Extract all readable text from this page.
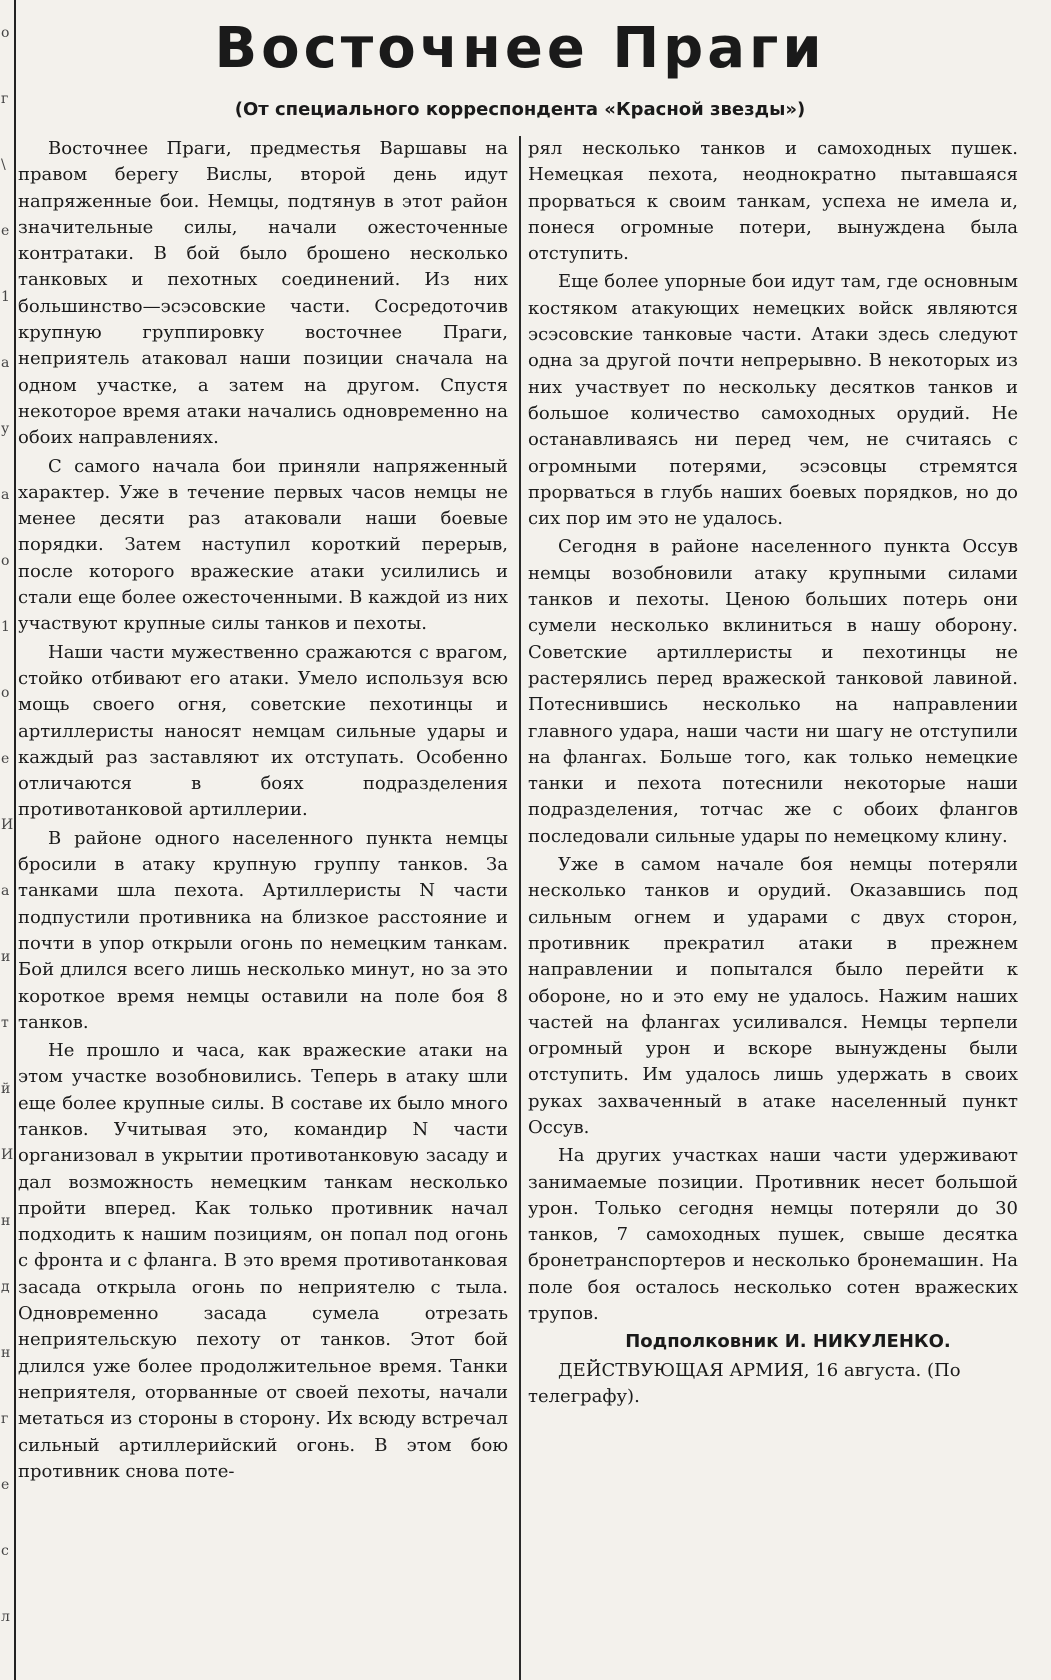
о
г
\
е
1
а
у
а
о
1
о
е
И
а
и
т
й
И
н
д
н
г
е
с
л
Восточнее Праги

(От специального корреспондента «Красной звезды»)

Восточнее Праги, предместья Варшавы на правом берегу Вислы, второй день идут напряженные бои. Немцы, подтянув в этот район значительные силы, начали ожесточенные контратаки. В бой было брошено несколько танковых и пехотных соединений. Из них большинство—эсэсовские части. Сосредоточив крупную группировку восточнее Праги, неприятель атаковал наши позиции сначала на одном участке, а затем на другом. Спустя некоторое время атаки начались одновременно на обоих направлениях.

С самого начала бои приняли напряженный характер. Уже в течение первых часов немцы не менее десяти раз атаковали наши боевые порядки. Затем наступил короткий перерыв, после которого вражеские атаки усилились и стали еще более ожесточенными. В каждой из них участвуют крупные силы танков и пехоты.

Наши части мужественно сражаются с врагом, стойко отбивают его атаки. Умело используя всю мощь своего огня, советские пехотинцы и артиллеристы наносят немцам сильные удары и каждый раз заставляют их отступать. Особенно отличаются в боях подразделения противотанковой артиллерии.

В районе одного населенного пункта немцы бросили в атаку крупную группу танков. За танками шла пехота. Артиллеристы N части подпустили противника на близкое расстояние и почти в упор открыли огонь по немецким танкам. Бой длился всего лишь несколько минут, но за это короткое время немцы оставили на поле боя 8 танков.

Не прошло и часа, как вражеские атаки на этом участке возобновились. Теперь в атаку шли еще более крупные силы. В составе их было много танков. Учитывая это, командир N части организовал в укрытии противотанковую засаду и дал возможность немецким танкам несколько пройти вперед. Как только противник начал подходить к нашим позициям, он попал под огонь с фронта и с фланга. В это время противотанковая засада открыла огонь по неприятелю с тыла. Одновременно засада сумела отрезать неприятельскую пехоту от танков. Этот бой длился уже более продолжительное время. Танки неприятеля, оторванные от своей пехоты, начали метаться из стороны в сторону. Их всюду встречал сильный артиллерийский огонь. В этом бою противник снова поте-

рял несколько танков и самоходных пушек. Немецкая пехота, неоднократно пытавшаяся прорваться к своим танкам, успеха не имела и, понеся огромные потери, вынуждена была отступить.

Еще более упорные бои идут там, где основным костяком атакующих немецких войск являются эсэсовские танковые части. Атаки здесь следуют одна за другой почти непрерывно. В некоторых из них участвует по нескольку десятков танков и большое количество самоходных орудий. Не останавливаясь ни перед чем, не считаясь с огромными потерями, эсэсовцы стремятся прорваться в глубь наших боевых порядков, но до сих пор им это не удалось.

Сегодня в районе населенного пункта Оссув немцы возобновили атаку крупными силами танков и пехоты. Ценою больших потерь они сумели несколько вклиниться в нашу оборону. Советские артиллеристы и пехотинцы не растерялись перед вражеской танковой лавиной. Потеснившись несколько на направлении главного удара, наши части ни шагу не отступили на флангах. Больше того, как только немецкие танки и пехота потеснили некоторые наши подразделения, тотчас же с обоих флангов последовали сильные удары по немецкому клину.

Уже в самом начале боя немцы потеряли несколько танков и орудий. Оказавшись под сильным огнем и ударами с двух сторон, противник прекратил атаки в прежнем направлении и попытался было перейти к обороне, но и это ему не удалось. Нажим наших частей на флангах усиливался. Немцы терпели огромный урон и вскоре вынуждены были отступить. Им удалось лишь удержать в своих руках захваченный в атаке населенный пункт Оссув.

На других участках наши части удерживают занимаемые позиции. Противник несет большой урон. Только сегодня немцы потеряли до 30 танков, 7 самоходных пушек, свыше десятка бронетранспортеров и несколько бронемашин. На поле боя осталось несколько сотен вражеских трупов.

Подполковник И. НИКУЛЕНКО.

ДЕЙСТВУЮЩАЯ АРМИЯ, 16 августа. (По телеграфу).
